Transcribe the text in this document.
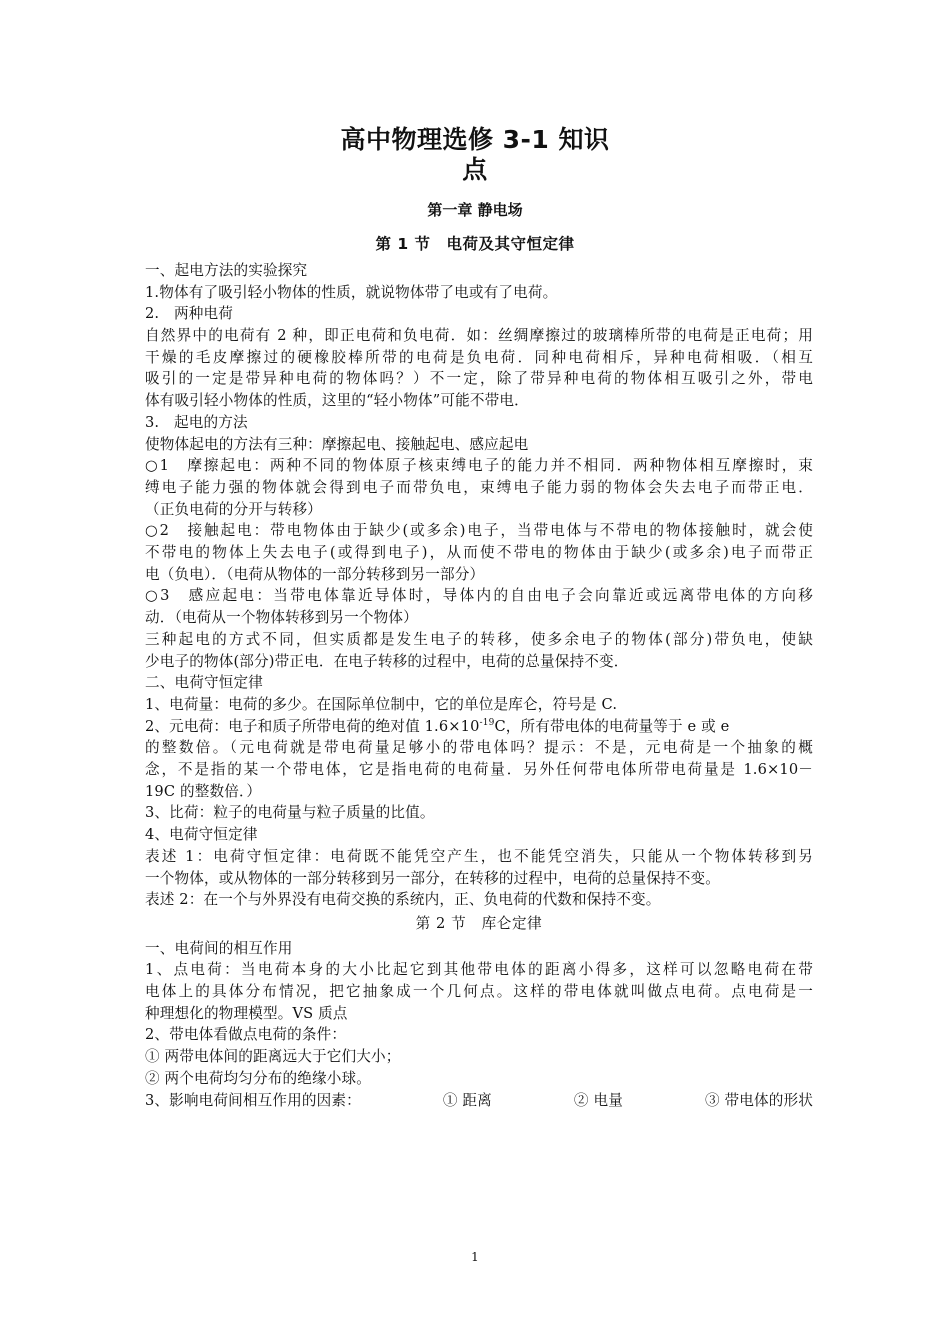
高中物理选修 3-1 知识
点
第一章 静电场
第 1 节　电荷及其守恒定律
一、起电方法的实验探究
1.物体有了吸引轻小物体的性质，就说物体带了电或有了电荷。
2.　两种电荷
自然界中的电荷有 2 种，即正电荷和负电荷．如：丝绸摩擦过的玻璃棒所带的电荷是正电荷；用
干燥的毛皮摩擦过的硬橡胶棒所带的电荷是负电荷．同种电荷相斥，异种电荷相吸．（相互
吸引的一定是带异种电荷的物体吗？）不一定，除了带异种电荷的物体相互吸引之外，带电
体有吸引轻小物体的性质，这里的“轻小物体”可能不带电．
3.　起电的方法
使物体起电的方法有三种：摩擦起电、接触起电、感应起电
○1　摩擦起电：两种不同的物体原子核束缚电子的能力并不相同．两种物体相互摩擦时，束
缚电子能力强的物体就会得到电子而带负电，束缚电子能力弱的物体会失去电子而带正电．
（正负电荷的分开与转移）
○2　接触起电：带电物体由于缺少(或多余)电子，当带电体与不带电的物体接触时，就会使
不带电的物体上失去电子(或得到电子)，从而使不带电的物体由于缺少(或多余)电子而带正
电（负电）．（电荷从物体的一部分转移到另一部分）
○3　感应起电：当带电体靠近导体时，导体内的自由电子会向靠近或远离带电体的方向移
动．（电荷从一个物体转移到另一个物体）
三种起电的方式不同，但实质都是发生电子的转移，使多余电子的物体(部分)带负电，使缺
少电子的物体(部分)带正电．在电子转移的过程中，电荷的总量保持不变．
二、电荷守恒定律
1、电荷量：电荷的多少。在国际单位制中，它的单位是库仑，符号是 C.
2、元电荷：电子和质子所带电荷的绝对值 $1.6\times 10^{-19}C$，所有带电体的电荷量等于 e 或 e
的整数倍。（元电荷就是带电荷量足够小的带电体吗？提示：不是，元电荷是一个抽象的概
念，不是指的某一个带电体，它是指电荷的电荷量．另外任何带电体所带电荷量是 1.6×10－
19C 的整数倍．）
3、比荷：粒子的电荷量与粒子质量的比值。
4、电荷守恒定律
表述 1：电荷守恒定律：电荷既不能凭空产生，也不能凭空消失，只能从一个物体转移到另
一个物体，或从物体的一部分转移到另一部分，在转移的过程中，电荷的总量保持不变。
表述 2：在一个与外界没有电荷交换的系统内，正、负电荷的代数和保持不变。
第 2 节　库仑定律
一、电荷间的相互作用
1、点电荷：当电荷本身的大小比起它到其他带电体的距离小得多，这样可以忽略电荷在带
电体上的具体分布情况，把它抽象成一个几何点。这样的带电体就叫做点电荷。点电荷是一
种理想化的物理模型。VS 质点
2、带电体看做点电荷的条件：
① 两带电体间的距离远大于它们大小；
② 两个电荷均匀分布的绝缘小球。
3、影响电荷间相互作用的因素：	① 距离	② 电量	③ 带电体的形状
1
